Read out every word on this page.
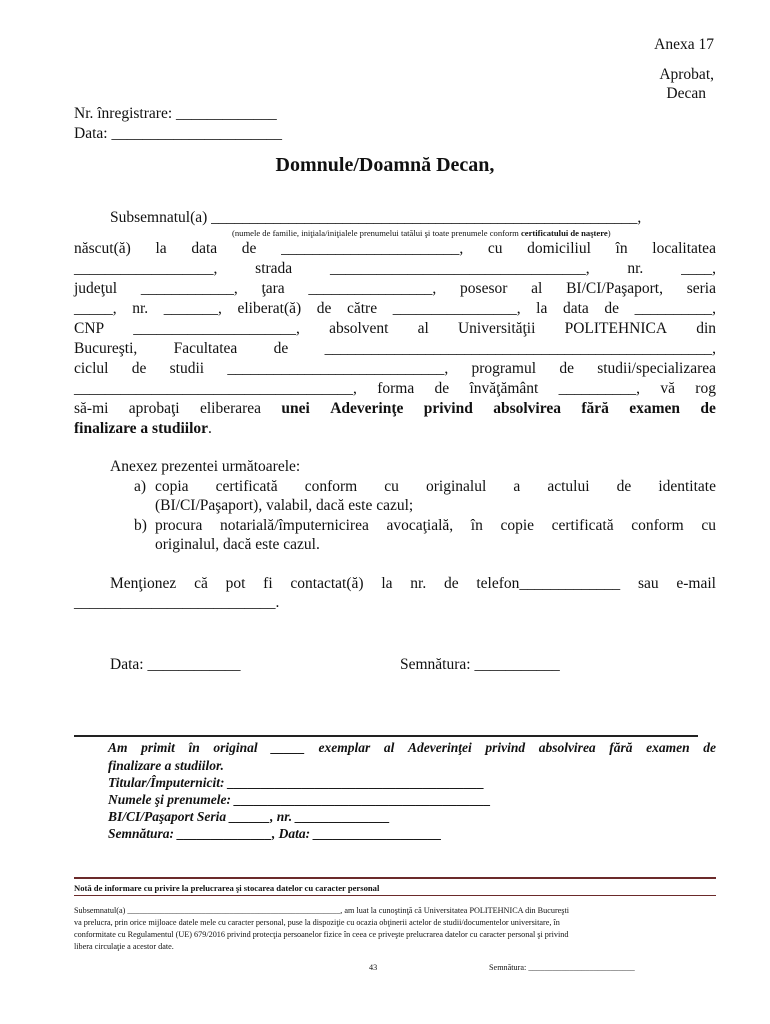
Anexa 17
Aprobat,
Decan
Nr. înregistrare: _____________
Data: ______________________
Domnule/Doamnă Decan,
Subsemnatul(a) _______________________________________________________,
(numele de familie, iniţiala/iniţialele prenumelui tatălui şi toate prenumele conform certificatului de naştere)
născut(ă) la data de _______________________, cu domiciliul în localitatea
__________________, strada _________________________________, nr. ____,
judeţul ____________, ţara ________________, posesor al BI/CI/Paşaport, seria
_____, nr. _______, eliberat(ă) de către ________________, la data de __________,
CNP _____________________, absolvent al Universităţii POLITEHNICA din
Bucureşti, Facultatea de __________________________________________________,
ciclul de studii ____________________________, programul de studii/specializarea
____________________________________, forma de învăţământ __________, vă rog
să-mi aprobaţi eliberarea unei Adeverinţe privind absolvirea fără examen de
finalizare a studiilor.
Anexez prezentei următoarele:
a) copia certificată conform cu originalul a actului de identitate
(BI/CI/Paşaport), valabil, dacă este cazul;
b) procura notarială/împuternicirea avocaţială, în copie certificată conform cu
originalul, dacă este cazul.
Menţionez că pot fi contactat(ă) la nr. de telefon_____________ sau e-mail
__________________________.
Data: ____________	Semnătura: ___________
Am primit în original _____ exemplar al Adeverinţei privind absolvirea fără examen de
finalizare a studiilor.
Titular/Împuternicit: ______________________________________
Numele şi prenumele: ______________________________________
BI/CI/Paşaport Seria ______, nr. ______________
Semnătura: ______________, Data: ___________________
Notă de informare cu privire la prelucrarea şi stocarea datelor cu caracter personal
Subsemnatul(a) ____________________________________________________, am luat la cunoştinţă că Universitatea POLITEHNICA din Bucureşti
va prelucra, prin orice mijloace datele mele cu caracter personal, puse la dispoziţie cu ocazia obţinerii actelor de studii/documentelor universitare, în
conformitate cu Regulamentul (UE) 679/2016 privind protecţia persoanelor fizice în ceea ce priveşte prelucrarea datelor cu caracter personal şi privind
libera circulaţie a acestor date.
43	Semnătura: __________________________
